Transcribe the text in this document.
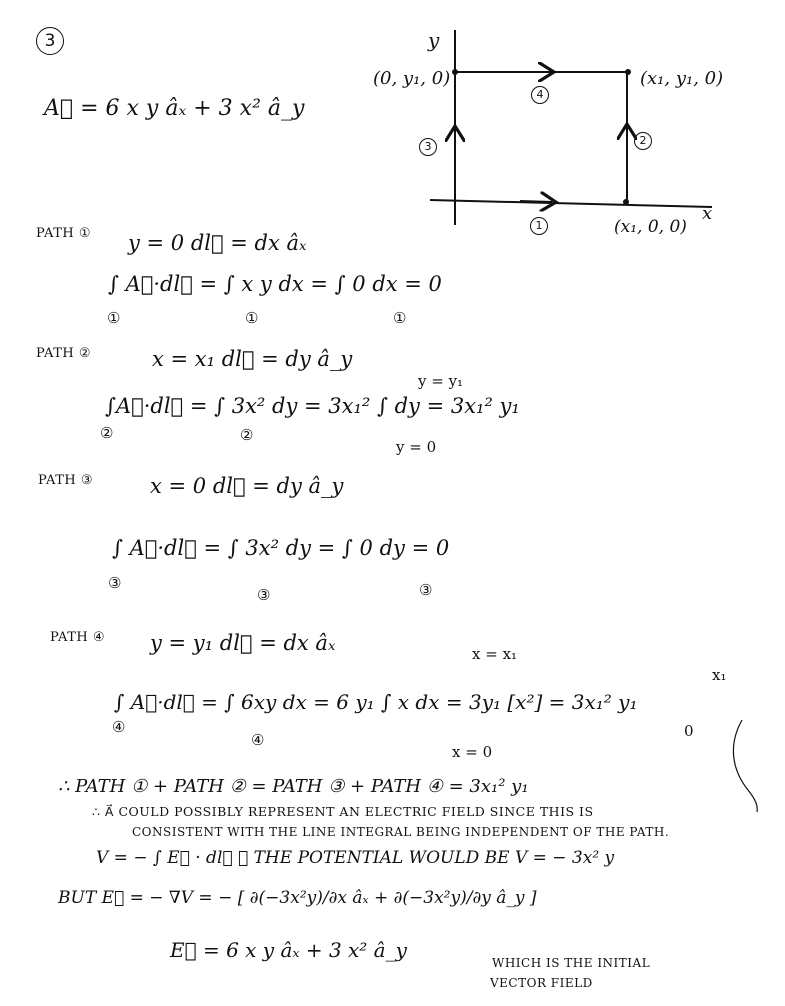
3
A⃗ = 6 x y âₓ + 3 x² â_y
y
x
(0, y₁, 0)	(x₁, y₁, 0)
(x₁, 0, 0)
1
2
3
4
PATH ① y = 0 dl⃗ = dx âₓ
∫ A⃗·dl⃗ = ∫ x y dx = ∫ 0 dx = 0
①	①	①
PATH ②	x = x₁ dl⃗ = dy â_y
∫A⃗·dl⃗ = ∫ 3x² dy = 3x₁² ∫ dy = 3x₁² y₁
y = y₁
y = 0
②	②
PATH ③	x = 0 dl⃗ = dy â_y
∫ A⃗·dl⃗ = ∫ 3x² dy = ∫ 0 dy = 0
③
③	③
PATH ④ y = y₁ dl⃗ = dx âₓ
∫ A⃗·dl⃗ = ∫ 6xy dx = 6 y₁ ∫ x dx = 3y₁ [x²] = 3x₁² y₁
x = x₁
x = 0
x₁
0
④
④
∴ PATH ① + PATH ② = PATH ③ + PATH ④ = 3x₁² y₁
∴ A⃗ COULD POSSIBLY REPRESENT AN ELECTRIC FIELD SINCE THIS IS
CONSISTENT WITH THE LINE INTEGRAL BEING INDEPENDENT OF THE PATH.
V = − ∫ E⃗ · dl⃗ ∴ THE POTENTIAL WOULD BE V = − 3x² y
BUT E⃗ = − ∇V = − [ ∂(−3x²y)/∂x âₓ + ∂(−3x²y)/∂y â_y ]
E⃗ = 6 x y âₓ + 3 x² â_y
WHICH IS THE INITIAL
VECTOR FIELD
